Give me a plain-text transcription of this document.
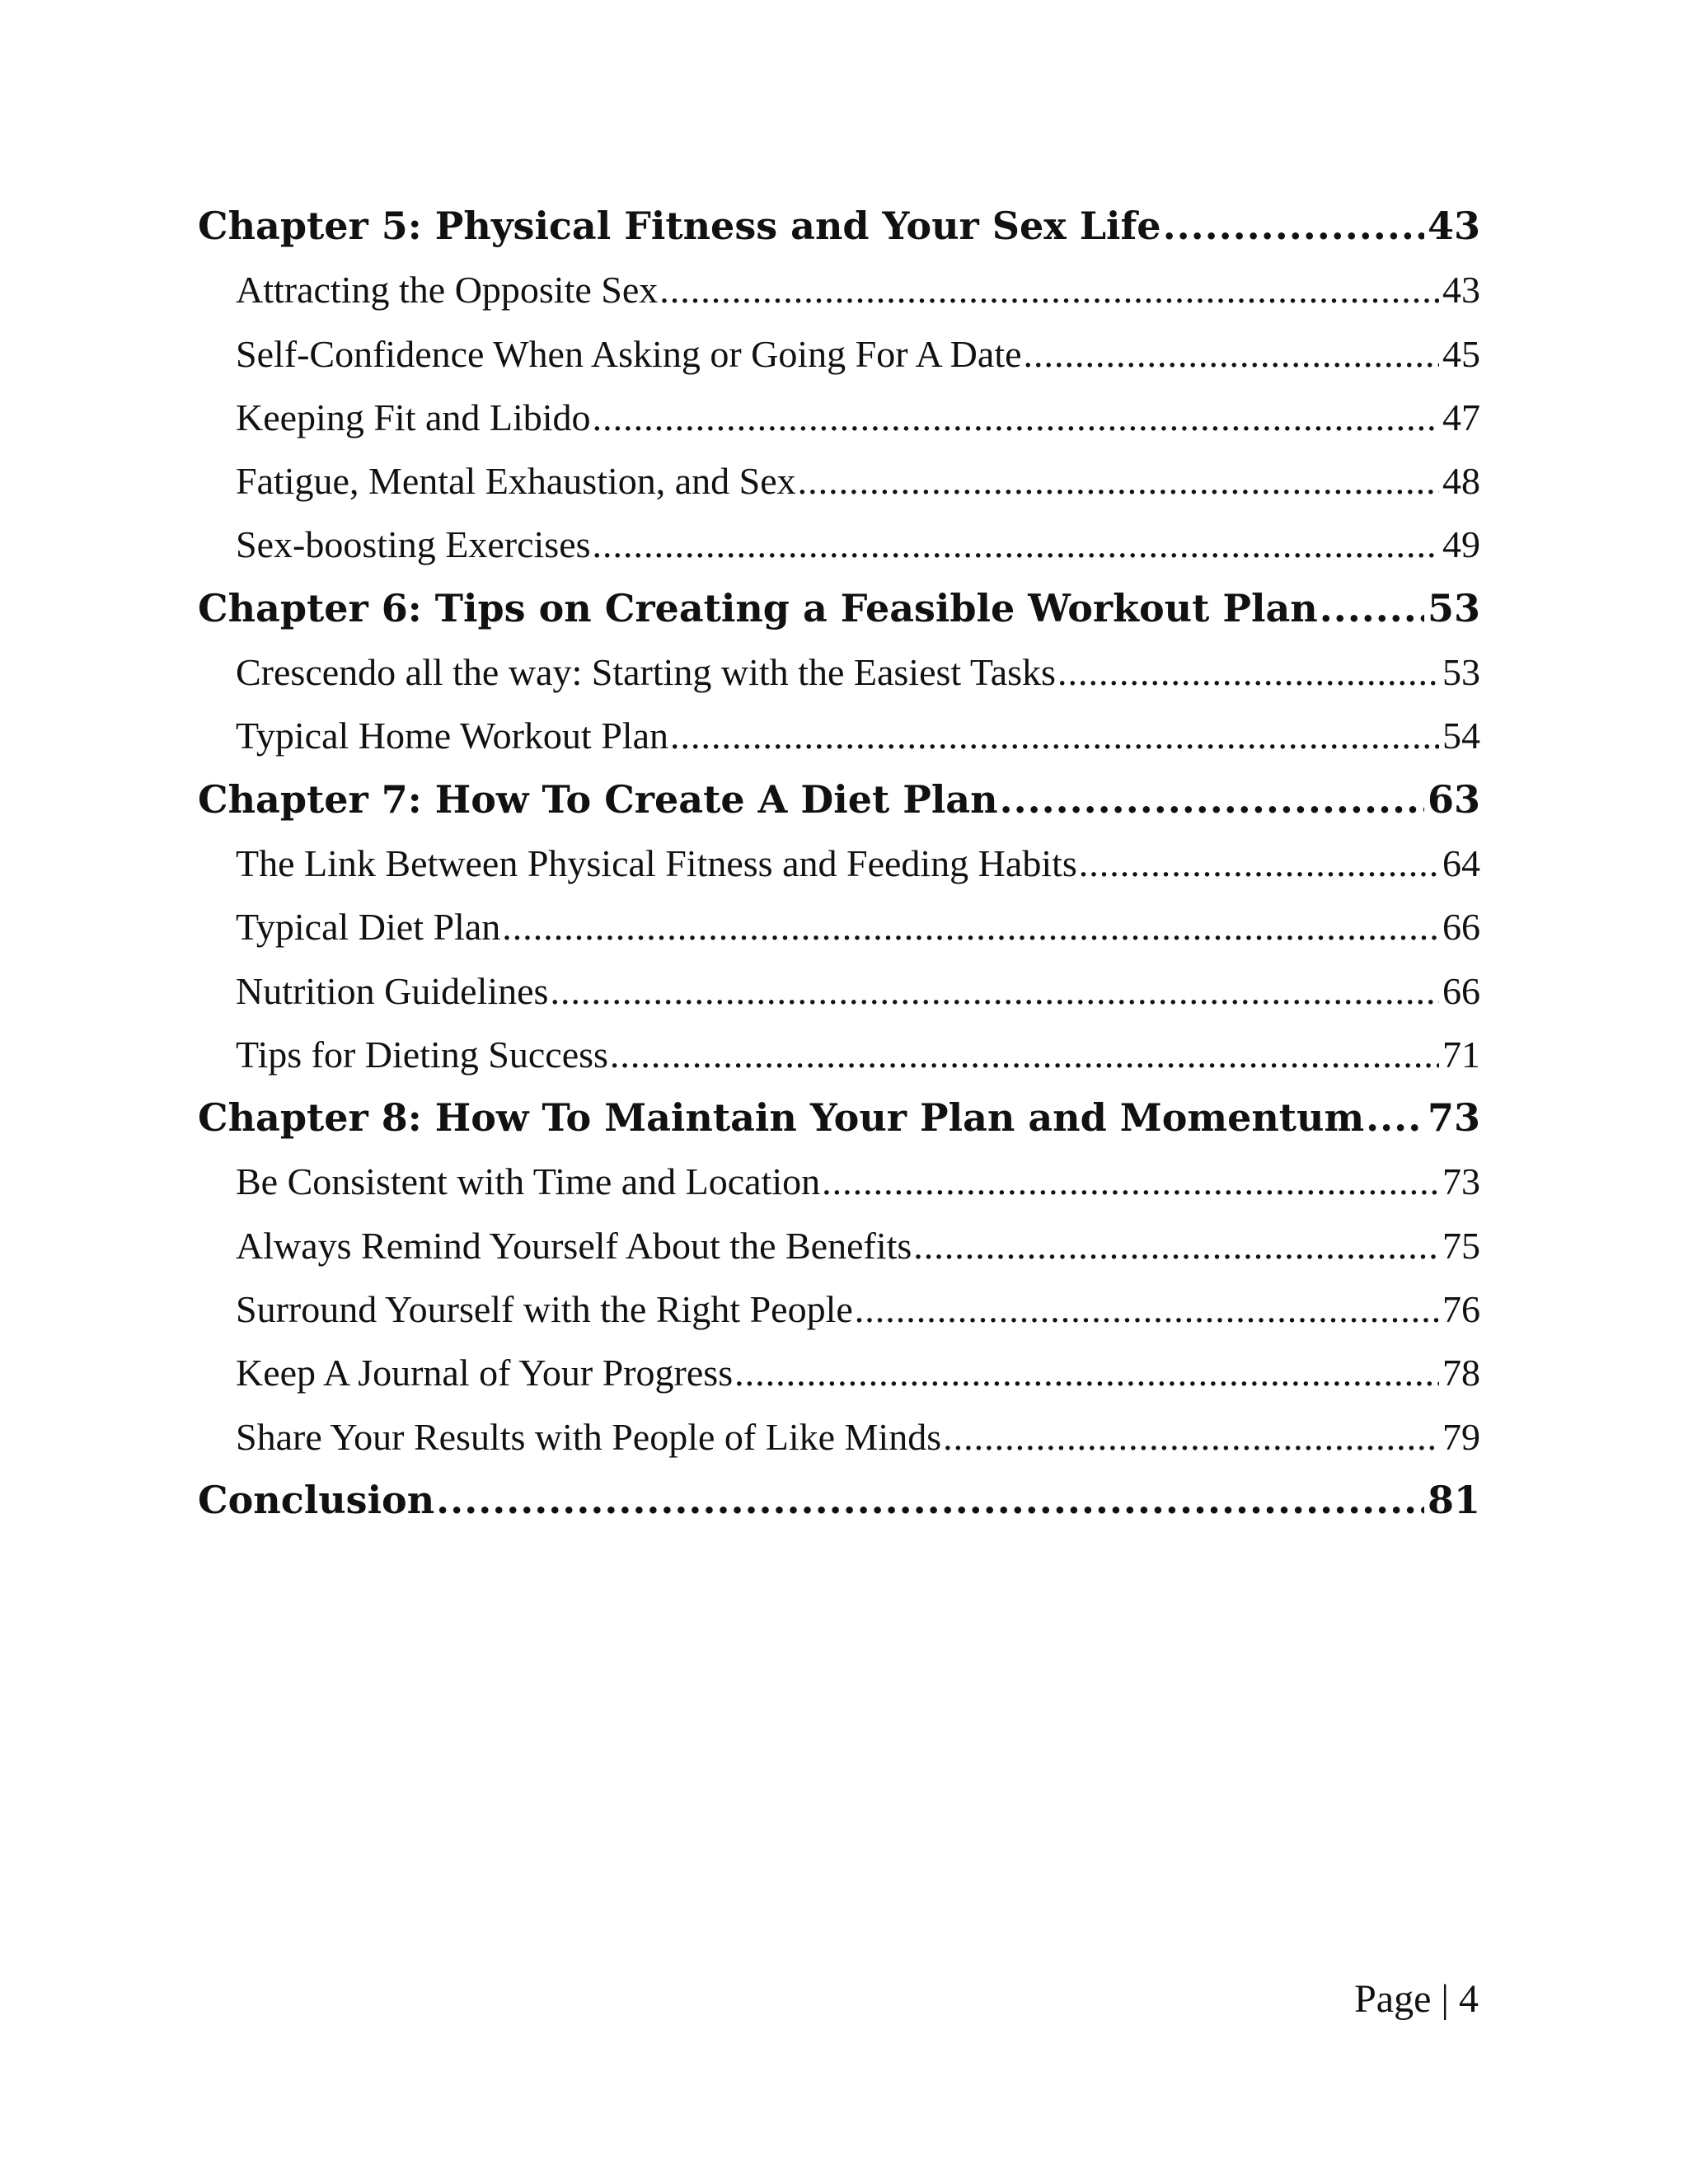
Chapter 5: Physical Fitness and Your Sex Life .....	43
Attracting the Opposite Sex .....	43
Self-Confidence When Asking or Going For A Date .....	45
Keeping Fit and Libido .....	47
Fatigue, Mental Exhaustion, and Sex .....	48
Sex-boosting Exercises .....	49
Chapter 6: Tips on Creating a Feasible Workout Plan .....	53
Crescendo all the way: Starting with the Easiest Tasks .....	53
Typical Home Workout Plan .....	54
Chapter 7: How To Create A Diet Plan .....	63
The Link Between Physical Fitness and Feeding Habits .....	64
Typical Diet Plan .....	66
Nutrition Guidelines .....	66
Tips for Dieting Success .....	71
Chapter 8: How To Maintain Your Plan and Momentum ..... 73
Be Consistent with Time and Location .....	73
Always Remind Yourself About the Benefits .....	75
Surround Yourself with the Right People .....	76
Keep A Journal of Your Progress .....	78
Share Your Results with People of Like Minds .....	79
Conclusion .....	81
Page | 4
